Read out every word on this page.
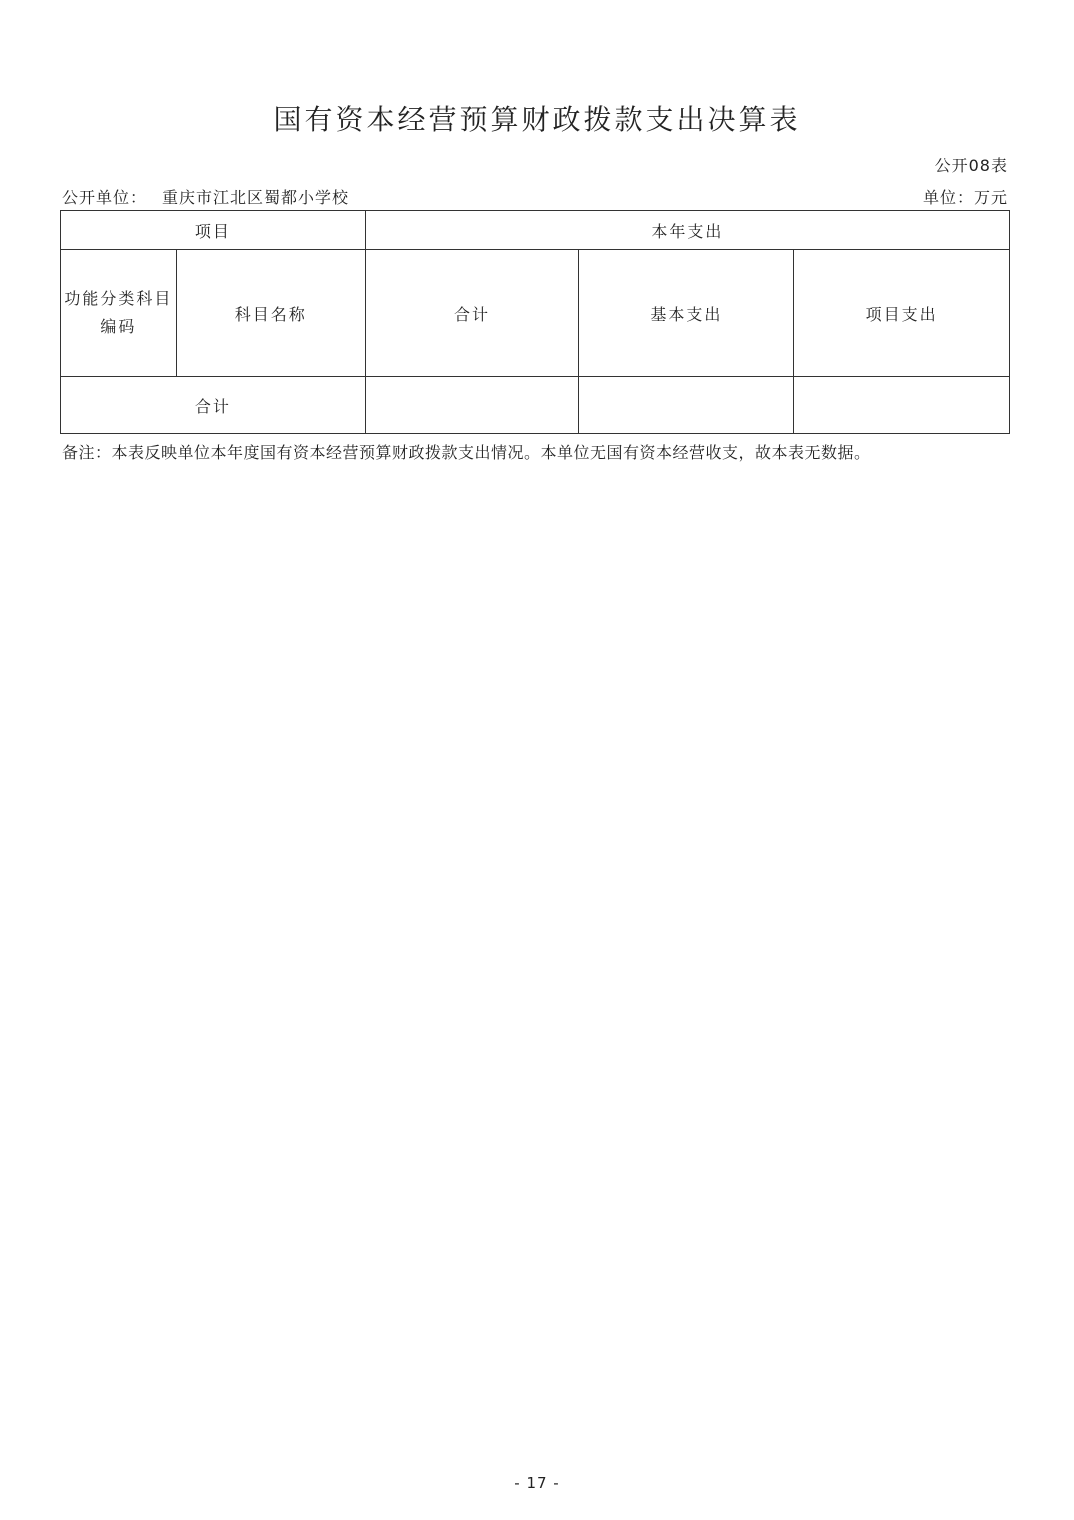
国有资本经营预算财政拨款支出决算表
公开08表
公开单位： 重庆市江北区蜀都小学校	单位：万元
项目		本年支出		

功能分类科目
编码	科目名称	合计	基本支出	项目支出
合计				
备注：本表反映单位本年度国有资本经营预算财政拨款支出情况。本单位无国有资本经营收支，故本表无数据。
- 17 -
